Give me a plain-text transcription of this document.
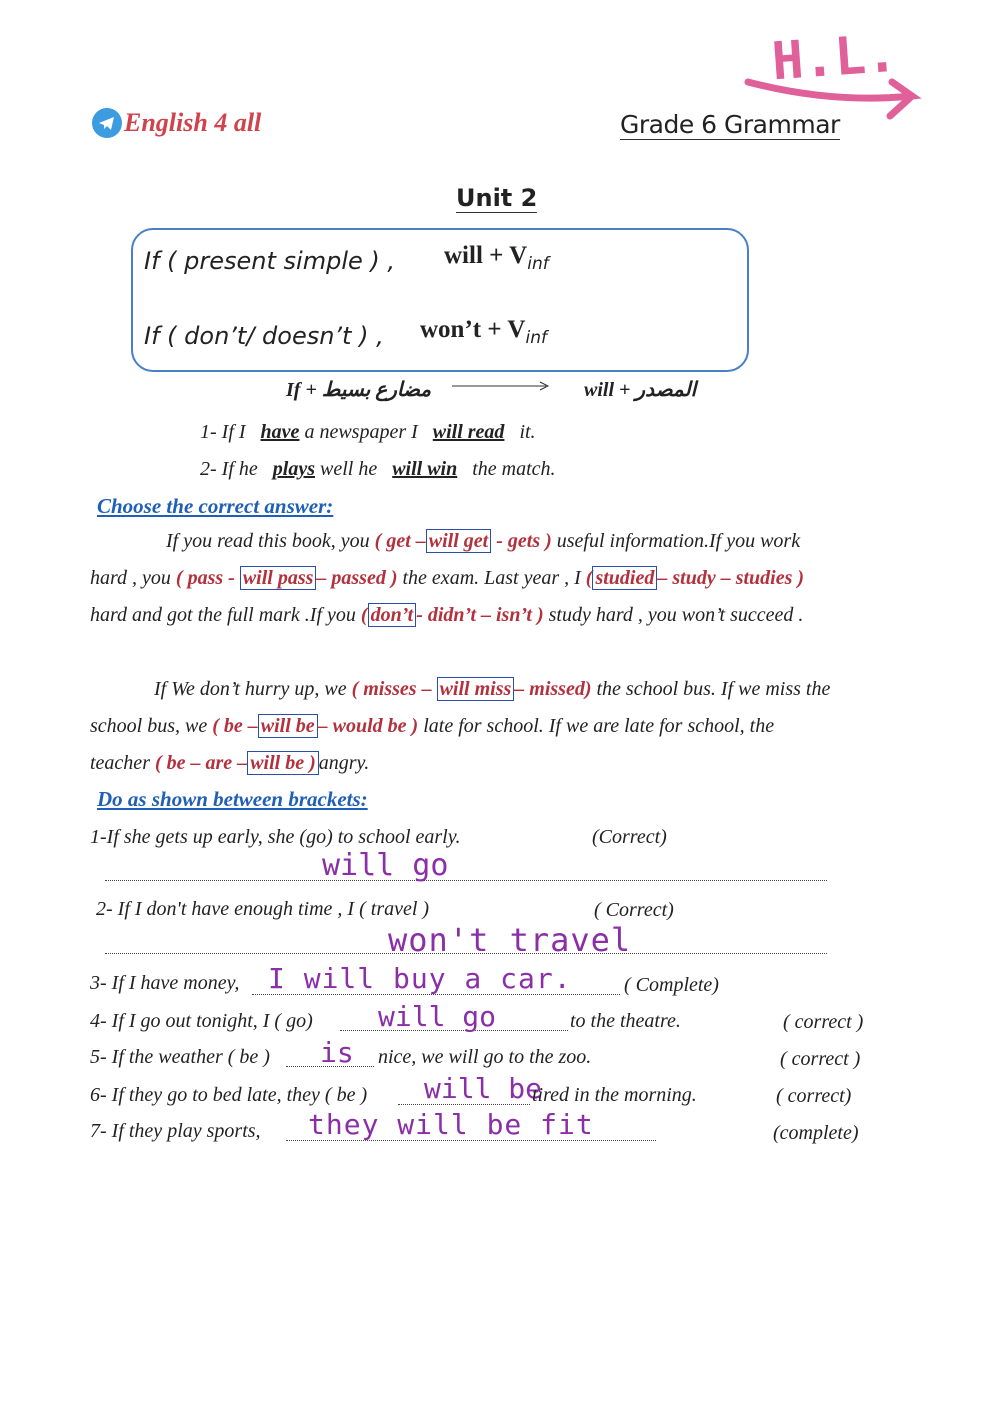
English 4 all	Grade 6 Grammar
H.L.
Unit 2
If ( present simple ) , will + $V_{inf}$
If ( don’t/ doesn’t ) , won’t + $V_{inf}$
If + مضارع بسيط	will + المصدر
1- If I have a newspaper I will read it.
2- If he plays well he will win the match.
Choose the correct answer:
If you read this book, you ( get – will get - gets ) useful information.If you work
hard , you ( pass - will pass – passed ) the exam. Last year , I ( studied – study – studies )
hard and got the full mark .If you ( don’t - didn’t – isn’t ) study hard , you won’t succeed .
If We don’t hurry up, we ( misses – will miss – missed) the school bus. If we miss the
school bus, we ( be – will be – would be ) late for school. If we are late for school, the
teacher ( be – are – will be ) angry.
Do as shown between brackets:
1-If she gets up early, she (go) to school early.	(Correct)
will go
2- If I don't have enough time , I ( travel )	( Correct)
won't travel
3- If I have money, I will buy a car.	( Complete)
4- If I go out tonight, I ( go) will go	to the theatre.	( correct )
5- If the weather ( be ) is nice, we will go to the zoo.	( correct )
6- If they go to bed late, they ( be ) will be
tired in the morning.	( correct)
7- If they play sports, they will be fit	(complete)
